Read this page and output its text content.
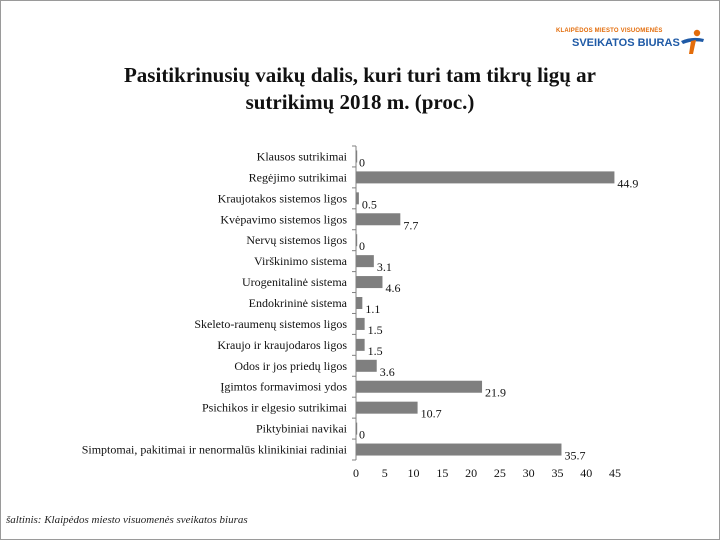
KLAIPĖDOS MIESTO VISUOMENĖS
SVEIKATOS BIURAS
Pasitikrinusių vaikų dalis, kuri turi tam tikrų ligų ar
sutrikimų 2018 m. (proc.)
Klausos sutrikimai 0
Regėjimo sutrikimai	44.9
Kraujotakos sistemos ligos 0.5
Kvėpavimo sistemos ligos	7.7
Nervų sistemos ligos 0
Virškinimo sistema 3.1
Urogenitalinė sistema	4.6
Endokrininė sistema 1.1
Skeleto-raumenų sistemos ligos 1.5
Kraujo ir kraujodaros ligos 1.5
Odos ir jos priedų ligos	3.6
Įgimtos formavimosi ydos	21.9
Psichikos ir elgesio sutrikimai	10.7
Piktybiniai navikai 0
Simptomai, pakitimai ir nenormalūs klinikiniai radiniai	35.7
0 5 10 15 20 25 30 35 40 45
šaltinis: Klaipėdos miesto visuomenės sveikatos biuras
